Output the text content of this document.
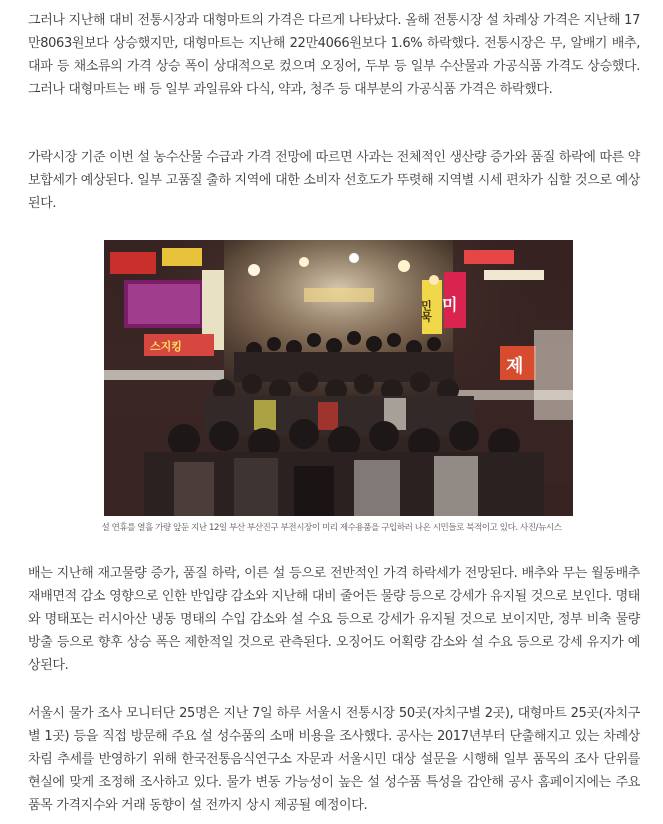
그러나 지난해 대비 전통시장과 대형마트의 가격은 다르게 나타났다. 올해 전통시장 설 차례상 가격은 지난해 17만8063원보다 상승했지만, 대형마트는 지난해 22만4066원보다 1.6% 하락했다. 전통시장은 무, 알배기 배추, 대파 등 채소류의 가격 상승 폭이 상대적으로 컸으며 오징어, 두부 등 일부 수산물과 가공식품 가격도 상승했다. 그러나 대형마트는 배 등 일부 과일류와 다식, 약과, 청주 등 대부분의 가공식품 가격은 하락했다.

가락시장 기준 이번 설 농수산물 수급과 가격 전망에 따르면 사과는 전체적인 생산량 증가와 품질 하락에 따른 약보합세가 예상된다. 일부 고품질 출하 지역에 대한 소비자 선호도가 뚜렷해 지역별 시세 편차가 심할 것으로 예상된다.

배는 지난해 재고물량 증가, 품질 하락, 이른 설 등으로 전반적인 가격 하락세가 전망된다. 배추와 무는 월동배추 재배면적 감소 영향으로 인한 반입량 감소와 지난해 대비 줄어든 물량 등으로 강세가 유지될 것으로 보인다. 명태와 명태포는 러시아산 냉동 명태의 수입 감소와 설 수요 등으로 강세가 유지될 것으로 보이지만, 정부 비축 물량 방출 등으로 향후 상승 폭은 제한적일 것으로 관측된다. 오징어도 어획량 감소와 설 수요 등으로 강세 유지가 예상된다.

서울시 물가 조사 모니터단 25명은 지난 7일 하루 서울시 전통시장 50곳(자치구별 2곳), 대형마트 25곳(자치구별 1곳) 등을 직접 방문해 주요 설 성수품의 소매 비용을 조사했다. 공사는 2017년부터 단출해지고 있는 차례상 차림 추세를 반영하기 위해 한국전통음식연구소 자문과 서울시민 대상 설문을 시행해 일부 품목의 조사 단위를 현실에 맞게 조정해 조사하고 있다. 물가 변동 가능성이 높은 설 성수품 특성을 감안해 공사 홈페이지에는 주요 품목 가격지수와 거래 동향이 설 전까지 상시 제공될 예정이다.

미
민묵
스지킹
제
설 연휴를 열흘 가량 앞둔 지난 12일 부산 부산진구 부전시장이 미리 제수용품을 구입하러 나온 시민들로 북적이고 있다. 사진/뉴시스
